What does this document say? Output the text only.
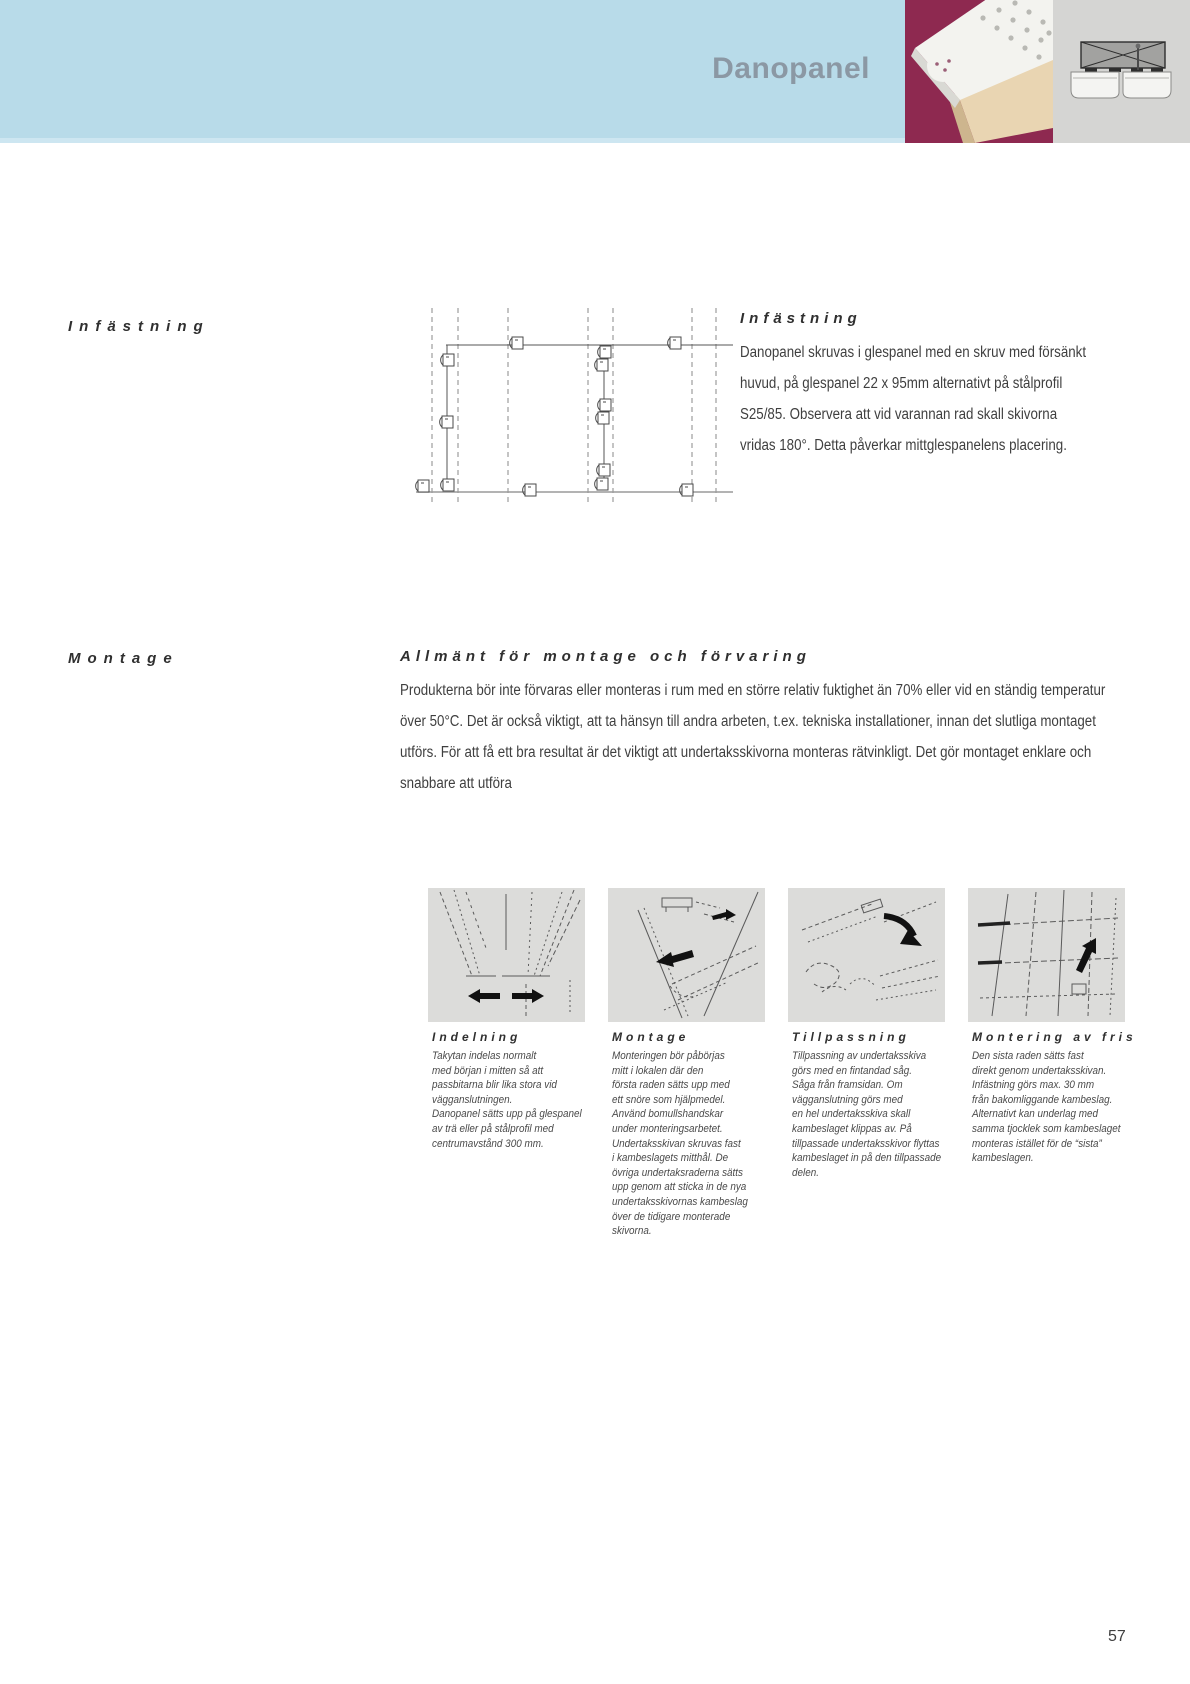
Danopanel
Infästning	Infästning
Danopanel skruvas i glespanel med en skruv med försänkt
huvud, på glespanel 22 x 95mm alternativt på stålprofil
S25/85. Observera att vid varannan rad skall skivorna
vridas 180°. Detta påverkar mittglespanelens placering.
Montage	Allmänt för montage och förvaring
Produkterna bör inte förvaras eller monteras i rum med en större relativ fuktighet än 70% eller vid en ständig temperatur
över 50°C. Det är också viktigt, att ta hänsyn till andra arbeten, t.ex. tekniska installationer, innan det slutliga montaget
utförs. För att få ett bra resultat är det viktigt att undertaksskivorna monteras rätvinkligt. Det gör montaget enklare och
snabbare att utföra
Indelning
Takytan indelas normalt
med början i mitten så att
passbitarna blir lika stora vid
vägganslutningen.
Danopanel sätts upp på glespanel
av trä eller på stålprofil med
centrumavstånd 300 mm.
Montage
Monteringen bör påbörjas
mitt i lokalen där den
första raden sätts upp med
ett snöre som hjälpmedel.
Använd bomullshandskar
under monteringsarbetet.
Undertaksskivan skruvas fast
i kambeslagets mitthål. De
övriga undertaksraderna sätts
upp genom att sticka in de nya
undertaksskivornas kambeslag
över de tidigare monterade
skivorna.
Tillpassning
Tillpassning av undertaksskiva
görs med en fintandad såg.
Såga från framsidan. Om
vägganslutning görs med
en hel undertaksskiva skall
kambeslaget klippas av. På
tillpassade undertaksskivor flyttas
kambeslaget in på den tillpassade
delen.
Montering av fris
Den sista raden sätts fast
direkt genom undertaksskivan.
Infästning görs max. 30 mm
från bakomliggande kambeslag.
Alternativt kan underlag med
samma tjocklek som kambeslaget
monteras istället för de “sista”
kambeslagen.
57
